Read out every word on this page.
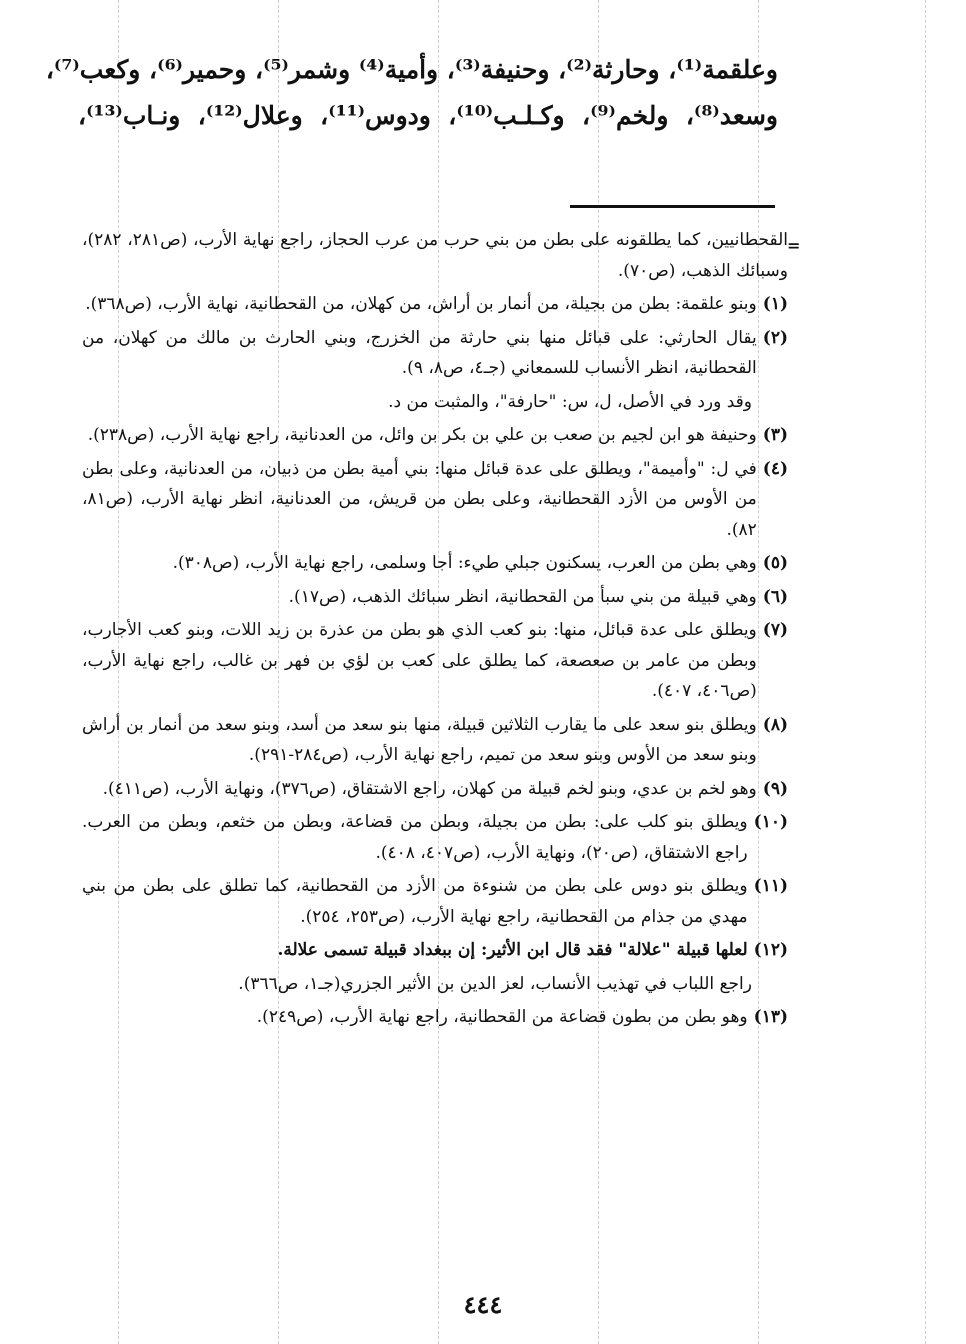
وعلقمة⁽¹⁾، وحارثة⁽²⁾، وحنيفة⁽³⁾، وأمية⁽⁴⁾ وشمر⁽⁵⁾، وحمير⁽⁶⁾، وكعب⁽⁷⁾،
وسعد⁽⁸⁾، ولخم⁽⁹⁾، وكـلـب⁽¹⁰⁾، ودوس⁽¹¹⁾، وعلال⁽¹²⁾، ونـاب⁽¹³⁾،
=
القحطانيين، كما يطلقونه على بطن من بني حرب من عرب الحجاز، راجع نهاية الأرب، (ص٢٨١، ٢٨٢)، وسبائك الذهب، (ص٧٠).
(١)
وبنو علقمة: بطن من بجيلة، من أنمار بن أراش، من كهلان، من القحطانية، نهاية الأرب، (ص٣٦٨).
(٢)
يقال الحارثي: على قبائل منها بني حارثة من الخزرج، وبني الحارث بن مالك من كهلان، من القحطانية، انظر الأنساب للسمعاني (جـ٤، ص٨، ٩).
وقد ورد في الأصل، ل، س: "حارفة"، والمثبت من د.
(٣)
وحنيفة هو ابن لجيم بن صعب بن علي بن بكر بن وائل، من العدنانية، راجع نهاية الأرب، (ص٢٣٨).
(٤)
في ل: "وأميمة"، ويطلق على عدة قبائل منها: بني أمية بطن من ذبيان، من العدنانية، وعلى بطن من الأوس من الأزد القحطانية، وعلى بطن من قريش، من العدنانية، انظر نهاية الأرب، (ص٨١، ٨٢).
(٥)
وهي بطن من العرب، يسكنون جبلي طيء: أجا وسلمى، راجع نهاية الأرب، (ص٣٠٨).
(٦)
وهي قبيلة من بني سبأ من القحطانية، انظر سبائك الذهب، (ص١٧).
(٧)
ويطلق على عدة قبائل، منها: بنو كعب الذي هو بطن من عذرة بن زيد اللات، وبنو كعب الأجارب، وبطن من عامر بن صعصعة، كما يطلق على كعب بن لؤي بن فهر بن غالب، راجع نهاية الأرب، (ص٤٠٦، ٤٠٧).
(٨)
ويطلق بنو سعد على ما يقارب الثلاثين قبيلة، منها بنو سعد من أسد، وبنو سعد من أنمار بن أراش وبنو سعد من الأوس وبنو سعد من تميم، راجع نهاية الأرب، (ص٢٨٤-٢٩١).
(٩)
وهو لخم بن عدي، وبنو لخم قبيلة من كهلان، راجع الاشتقاق، (ص٣٧٦)، ونهاية الأرب، (ص٤١١).
(١٠)
ويطلق بنو كلب على: بطن من بجيلة، وبطن من قضاعة، وبطن من خثعم، وبطن من العرب. راجع الاشتقاق، (ص٢٠)، ونهاية الأرب، (ص٤٠٧، ٤٠٨).
(١١)
ويطلق بنو دوس على بطن من شنوءة من الأزد من القحطانية، كما تطلق على بطن من بني مهدي من جذام من القحطانية، راجع نهاية الأرب، (ص٢٥٣، ٢٥٤).
(١٢)
لعلها قبيلة "علالة" فقد قال ابن الأثير: إن ببغداد قبيلة تسمى علالة.
راجع اللباب في تهذيب الأنساب، لعز الدين بن الأثير الجزري(جـ١، ص٣٦٦).
(١٣)
وهو بطن من بطون قضاعة من القحطانية، راجع نهاية الأرب، (ص٢٤٩).
٤٤٤
